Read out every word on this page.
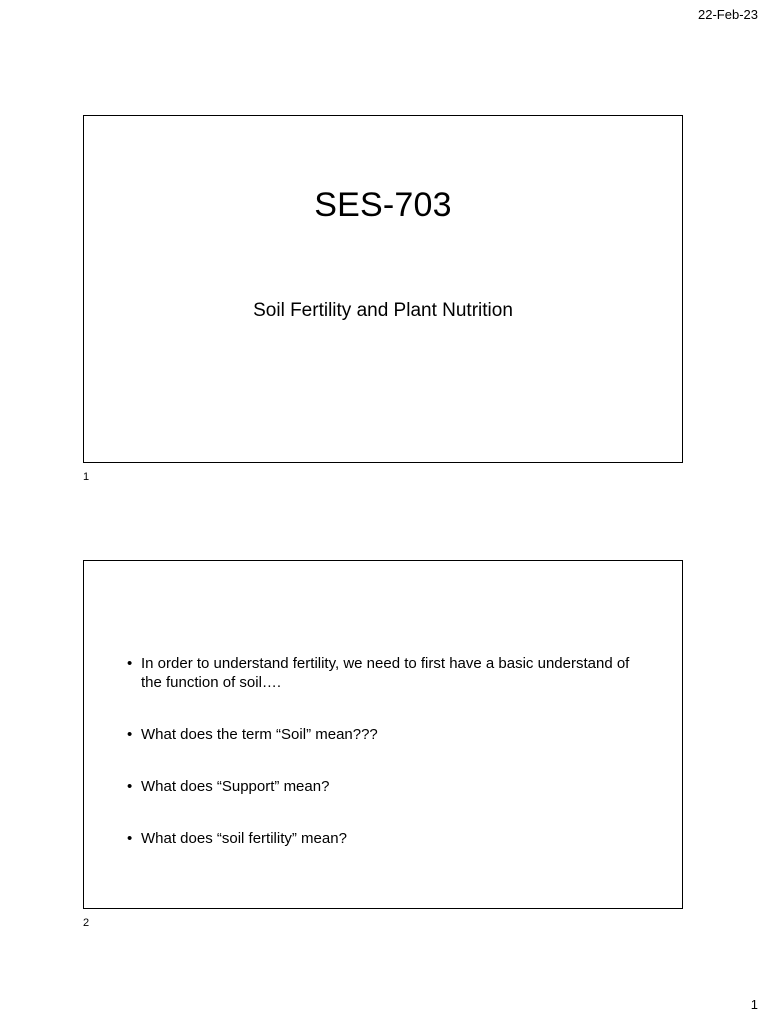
22-Feb-23
SES-703
Soil Fertility and Plant Nutrition
1
• In order to understand fertility, we need to first have a basic understand of the function of soil….
• What does the term “Soil” mean???
• What does “Support” mean?
• What does “soil fertility” mean?
2
1
